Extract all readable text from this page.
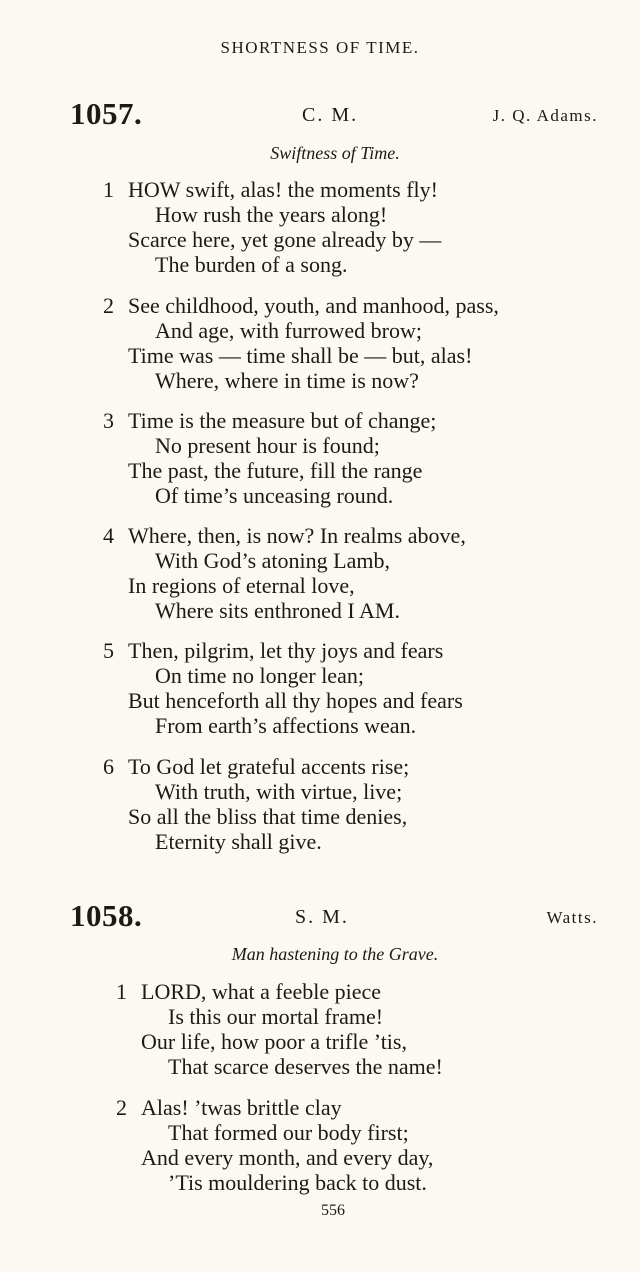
SHORTNESS OF TIME.
1057.	C. M.	J. Q. Adams.
Swiftness of Time.
1 HOW swift, alas! the moments fly!
How rush the years along!
Scarce here, yet gone already by —
The burden of a song.
2 See childhood, youth, and manhood, pass,
And age, with furrowed brow;
Time was — time shall be — but, alas!
Where, where in time is now?
3 Time is the measure but of change;
No present hour is found;
The past, the future, fill the range
Of time’s unceasing round.
4 Where, then, is now? In realms above,
With God’s atoning Lamb,
In regions of eternal love,
Where sits enthroned I AM.
5 Then, pilgrim, let thy joys and fears
On time no longer lean;
But henceforth all thy hopes and fears
From earth’s affections wean.
6 To God let grateful accents rise;
With truth, with virtue, live;
So all the bliss that time denies,
Eternity shall give.
1058.	S. M.	Watts.
Man hastening to the Grave.
1 LORD, what a feeble piece
Is this our mortal frame!
Our life, how poor a trifle ’tis,
That scarce deserves the name!
2 Alas! ’twas brittle clay
That formed our body first;
And every month, and every day,
’Tis mouldering back to dust.
556
